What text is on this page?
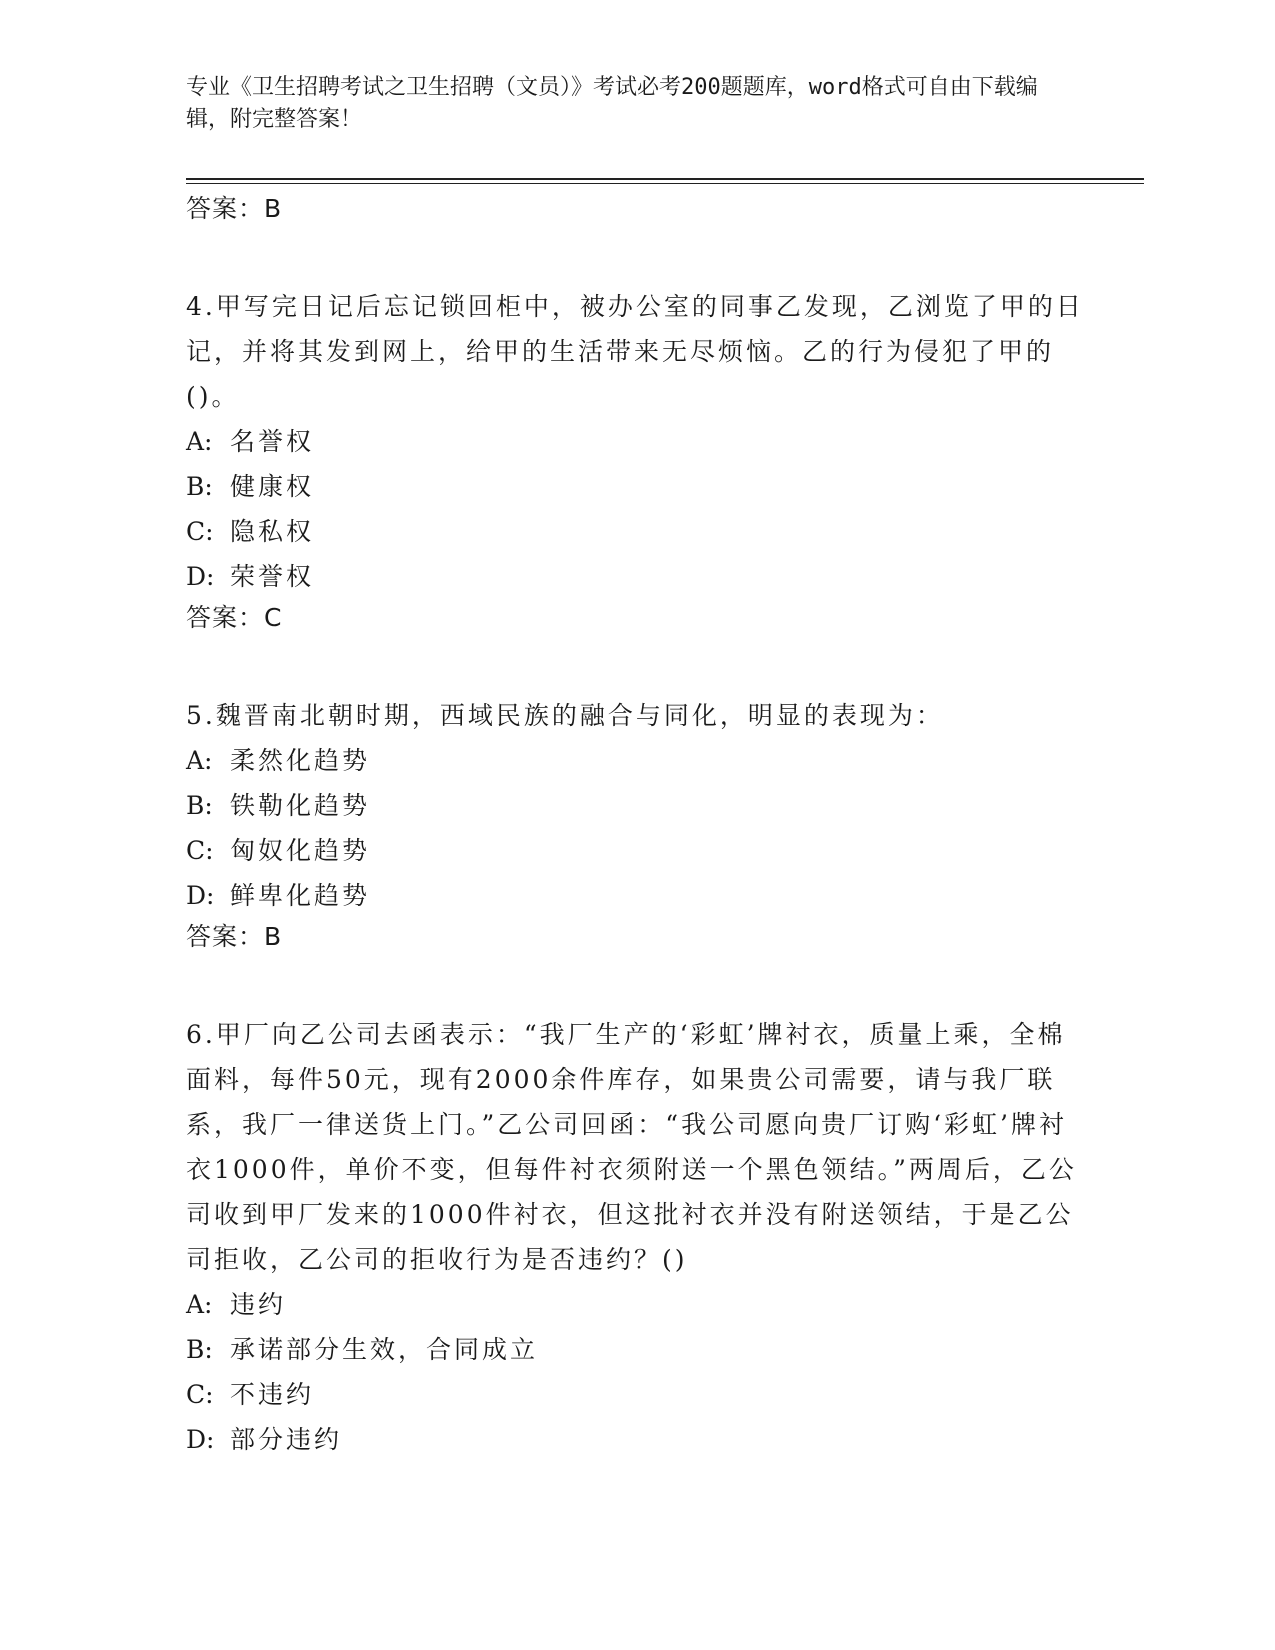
专业《卫生招聘考试之卫生招聘（文员）》考试必考200题题库，word格式可自由下载编辑，附完整答案！
答案：B
4.甲写完日记后忘记锁回柜中，被办公室的同事乙发现，乙浏览了甲的日记，并将其发到网上，给甲的生活带来无尽烦恼。乙的行为侵犯了甲的()。
A: 名誉权
B: 健康权
C: 隐私权
D: 荣誉权
答案：C
5.魏晋南北朝时期，西域民族的融合与同化，明显的表现为：
A: 柔然化趋势
B: 铁勒化趋势
C: 匈奴化趋势
D: 鲜卑化趋势
答案：B
6.甲厂向乙公司去函表示：“我厂生产的‘彩虹’牌衬衣，质量上乘，全棉面料，每件50元，现有2000余件库存，如果贵公司需要，请与我厂联系，我厂一律送货上门。”乙公司回函：“我公司愿向贵厂订购‘彩虹’牌衬衣1000件，单价不变，但每件衬衣须附送一个黑色领结。”两周后，乙公司收到甲厂发来的1000件衬衣，但这批衬衣并没有附送领结，于是乙公司拒收，乙公司的拒收行为是否违约？()
A: 违约
B: 承诺部分生效，合同成立
C: 不违约
D: 部分违约
